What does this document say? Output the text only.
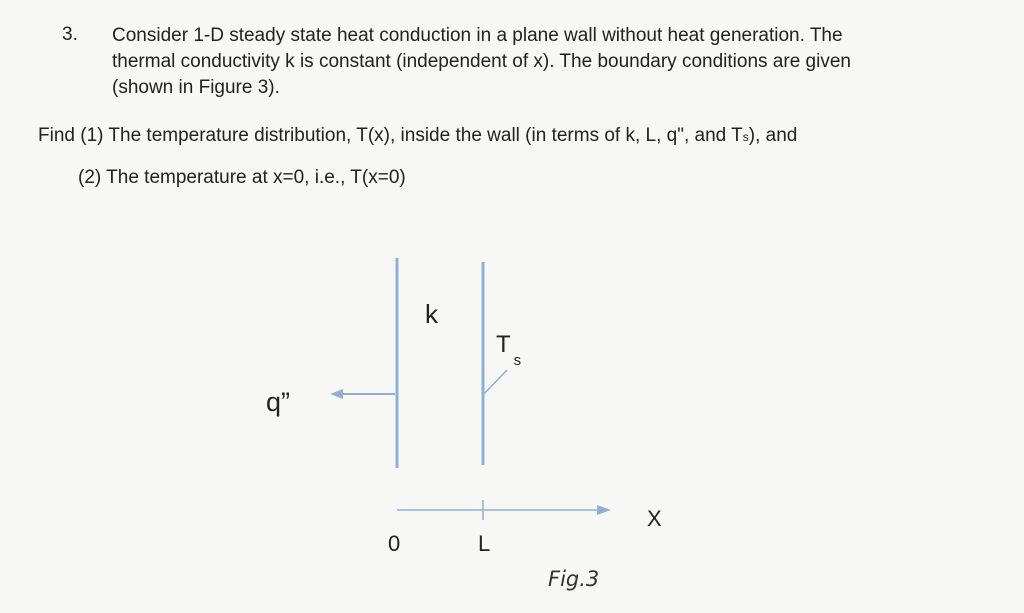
3. Consider 1-D steady state heat conduction in a plane wall without heat generation. The
thermal conductivity k is constant (independent of x). The boundary conditions are given
(shown in Figure 3).
Find (1) The temperature distribution, T(x), inside the wall (in terms of k, L, q", and Ts), and
(2) The temperature at x=0, i.e., T(x=0)
k
$T_s$
q”
X
0	L
Fig.3
